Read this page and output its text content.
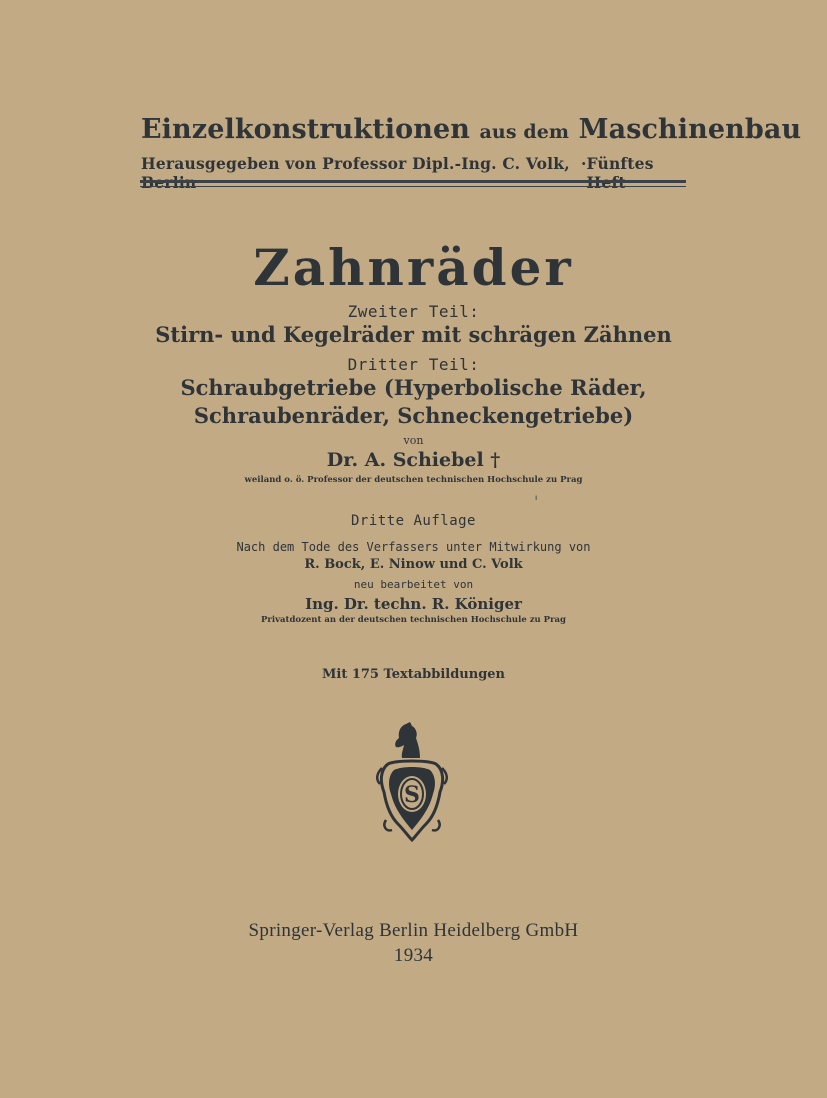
Einzelkonstruktionen aus dem Maschinenbau
Herausgegeben von Professor Dipl.-Ing. C. Volk, · Fünftes
Zahnräder
Zweiter Teil:
Stirn- und Kegelräder mit schrägen Zähnen
Dritter Teil:
Schraubgetriebe (Hyperbolische Räder,
Schraubenräder, Schneckengetriebe)
von
Dr. A. Schiebel †
weiland o. ö. Professor der deutschen technischen Hochschule zu Prag
ı
Dritte Auflage
Nach dem Tode des Verfassers unter Mitwirkung von
R. Bock, E. Ninow und C. Volk
neu bearbeitet von
Ing. Dr. techn. R. Königer
Privatdozent an der deutschen technischen Hochschule zu Prag
Mit 175 Textabbildungen
S
Springer-Verlag Berlin Heidelberg GmbH
1934
